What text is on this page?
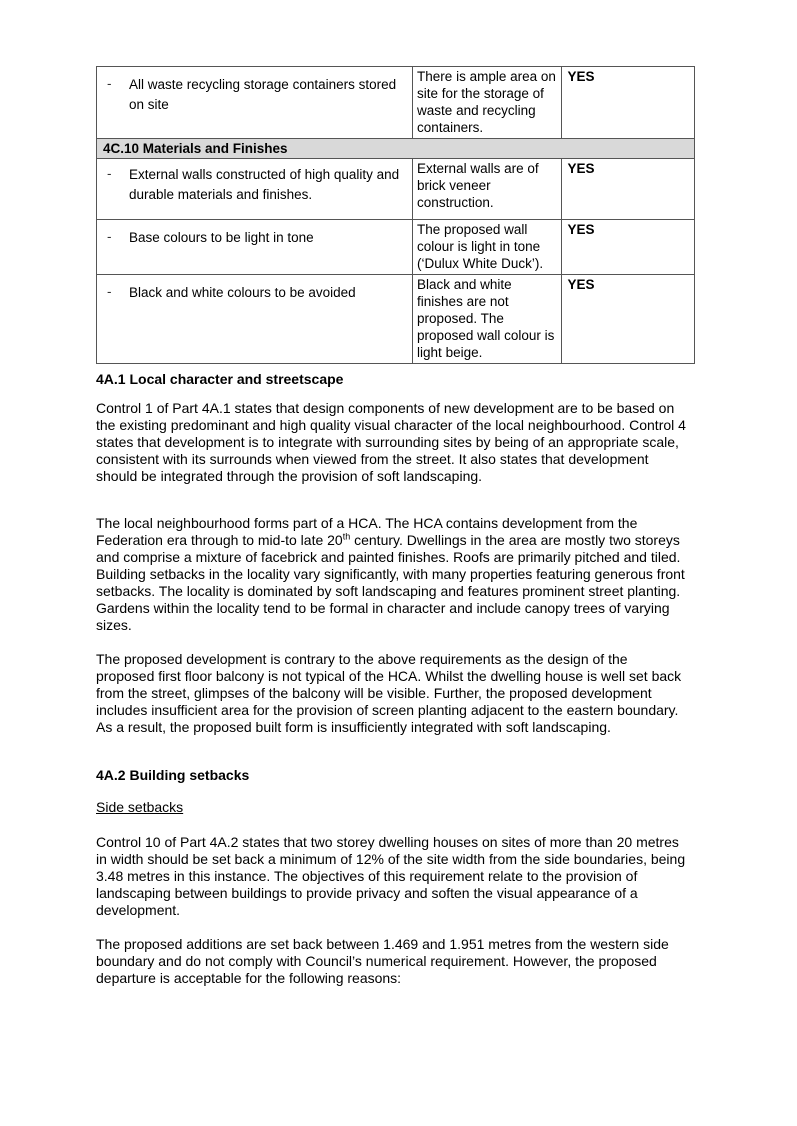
- All waste recycling storage containers stored on site	There is ample area on site for the storage of waste and recycling containers.	YES

4C.10 Materials and Finishes		

- External walls constructed of high quality and durable materials and finishes.	External walls are of brick veneer construction.	YES

- Base colours to be light in tone	The proposed wall colour is light in tone (‘Dulux White Duck’).	YES

- Black and white colours to be avoided	Black and white finishes are not proposed. The proposed wall colour is light beige.	YES
4A.1 Local character and streetscape
Control 1 of Part 4A.1 states that design components of new development are to be based on the existing predominant and high quality visual character of the local neighbourhood. Control 4 states that development is to integrate with surrounding sites by being of an appropriate scale, consistent with its surrounds when viewed from the street. It also states that development should be integrated through the provision of soft landscaping.
The local neighbourhood forms part of a HCA. The HCA contains development from the Federation era through to mid-to late 20th century. Dwellings in the area are mostly two storeys and comprise a mixture of facebrick and painted finishes. Roofs are primarily pitched and tiled. Building setbacks in the locality vary significantly, with many properties featuring generous front setbacks. The locality is dominated by soft landscaping and features prominent street planting. Gardens within the locality tend to be formal in character and include canopy trees of varying sizes.
The proposed development is contrary to the above requirements as the design of the proposed first floor balcony is not typical of the HCA. Whilst the dwelling house is well set back from the street, glimpses of the balcony will be visible. Further, the proposed development includes insufficient area for the provision of screen planting adjacent to the eastern boundary. As a result, the proposed built form is insufficiently integrated with soft landscaping.
4A.2 Building setbacks
Side setbacks
Control 10 of Part 4A.2 states that two storey dwelling houses on sites of more than 20 metres in width should be set back a minimum of 12% of the site width from the side boundaries, being 3.48 metres in this instance. The objectives of this requirement relate to the provision of landscaping between buildings to provide privacy and soften the visual appearance of a development.
The proposed additions are set back between 1.469 and 1.951 metres from the western side boundary and do not comply with Council’s numerical requirement. However, the proposed departure is acceptable for the following reasons:
